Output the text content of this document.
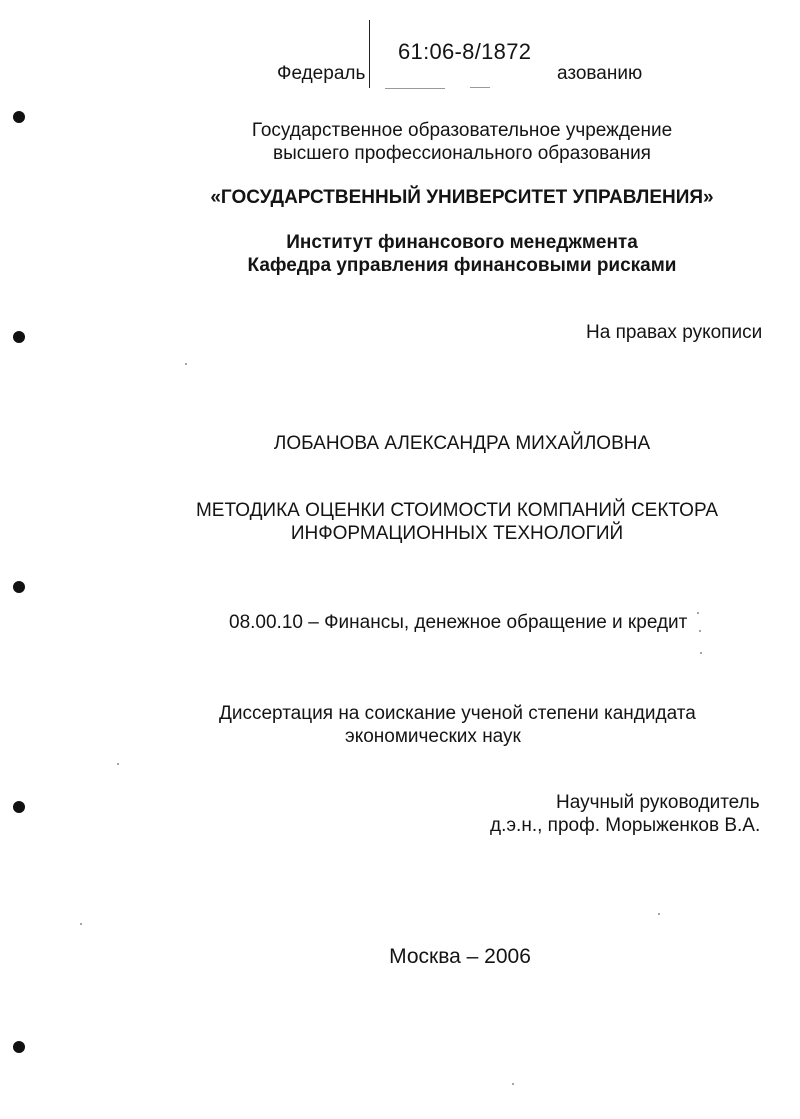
Федераль	азованию
61:06-8/1872
Государственное образовательное учреждение
высшего профессионального образования
«ГОСУДАРСТВЕННЫЙ УНИВЕРСИТЕТ УПРАВЛЕНИЯ»
Институт финансового менеджмента
Кафедра управления финансовыми рисками
На правах рукописи
ЛОБАНОВА АЛЕКСАНДРА МИХАЙЛОВНА
МЕТОДИКА ОЦЕНКИ СТОИМОСТИ КОМПАНИЙ СЕКТОРА
ИНФОРМАЦИОННЫХ ТЕХНОЛОГИЙ
08.00.10 – Финансы, денежное обращение и кредит
Диссертация на соискание ученой степени кандидата
экономических наук
Научный руководитель
д.э.н., проф. Морыженков В.А.
Москва – 2006
